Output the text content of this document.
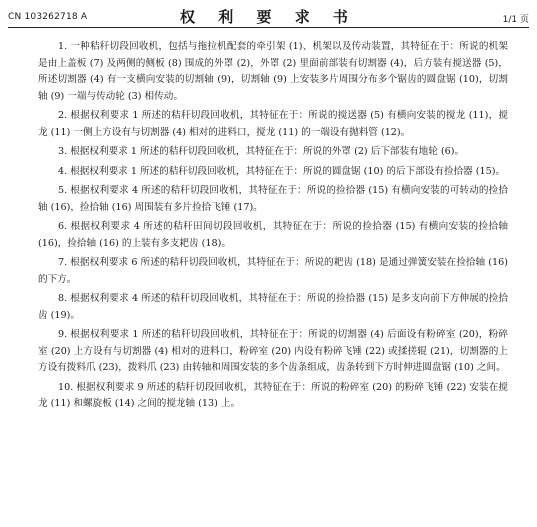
CN 103262718 A	权 利 要 求 书	1/1 页

1. 一种秸秆切段回收机，包括与拖拉机配套的牵引架 (1)、机架以及传动装置，其特征在于：所说的机架是由上盖板 (7) 及两侧的侧板 (8) 围成的外罩 (2)，外罩 (2) 里面前部装有切割器 (4)，后方装有搅送器 (5)，所述切割器 (4) 有一支横向安装的切割轴 (9)，切割轴 (9) 上安装多片周围分布多个锯齿的圆盘锯 (10)，切割轴 (9) 一端与传动轮 (3) 相传动。

2. 根据权利要求 1 所述的秸秆切段回收机，其特征在于：所说的搅送器 (5) 有横向安装的搅龙 (11)，搅龙 (11) 一侧上方设有与切割器 (4) 相对的进料口，搅龙 (11) 的一端设有抛料管 (12)。

3. 根据权利要求 1 所述的秸秆切段回收机，其特征在于：所说的外罩 (2) 后下部装有地轮 (6)。

4. 根据权利要求 1 所述的秸秆切段回收机，其特征在于：所说的圆盘锯 (10) 的后下部设有捡拾器 (15)。

5. 根据权利要求 4 所述的秸秆切段回收机，其特征在于：所说的捡拾器 (15) 有横向安装的可转动的捡拾轴 (16)，捡拾轴 (16) 周围装有多片捡拾飞锤 (17)。

6. 根据权利要求 4 所述的秸秆田间切段回收机，其特征在于：所说的捡拾器 (15) 有横向安装的捡拾轴 (16)，捡拾轴 (16) 的上装有多支耙齿 (18)。

7. 根据权利要求 6 所述的秸秆切段回收机，其特征在于：所说的耙齿 (18) 是通过弹簧安装在捡拾轴 (16) 的下方。

8. 根据权利要求 4 所述的秸秆切段回收机，其特征在于：所说的捡拾器 (15) 是多支向前下方伸展的捡拾齿 (19)。

9. 根据权利要求 1 所述的秸秆切段回收机，其特征在于：所说的切割器 (4) 后面设有粉碎室 (20)，粉碎室 (20) 上方设有与切割器 (4) 相对的进料口，粉碎室 (20) 内设有粉碎飞锤 (22) 或揉搓辊 (21)，切割器的上方设有拨料爪 (23)，拨料爪 (23) 由转轴和周围安装的多个齿条组成，齿条转到下方时伸进圆盘锯 (10) 之间。

10. 根据权利要求 9 所述的秸秆切段回收机，其特征在于：所说的粉碎室 (20) 的粉碎飞锤 (22) 安装在搅龙 (11) 和螺旋板 (14) 之间的搅龙轴 (13) 上。
